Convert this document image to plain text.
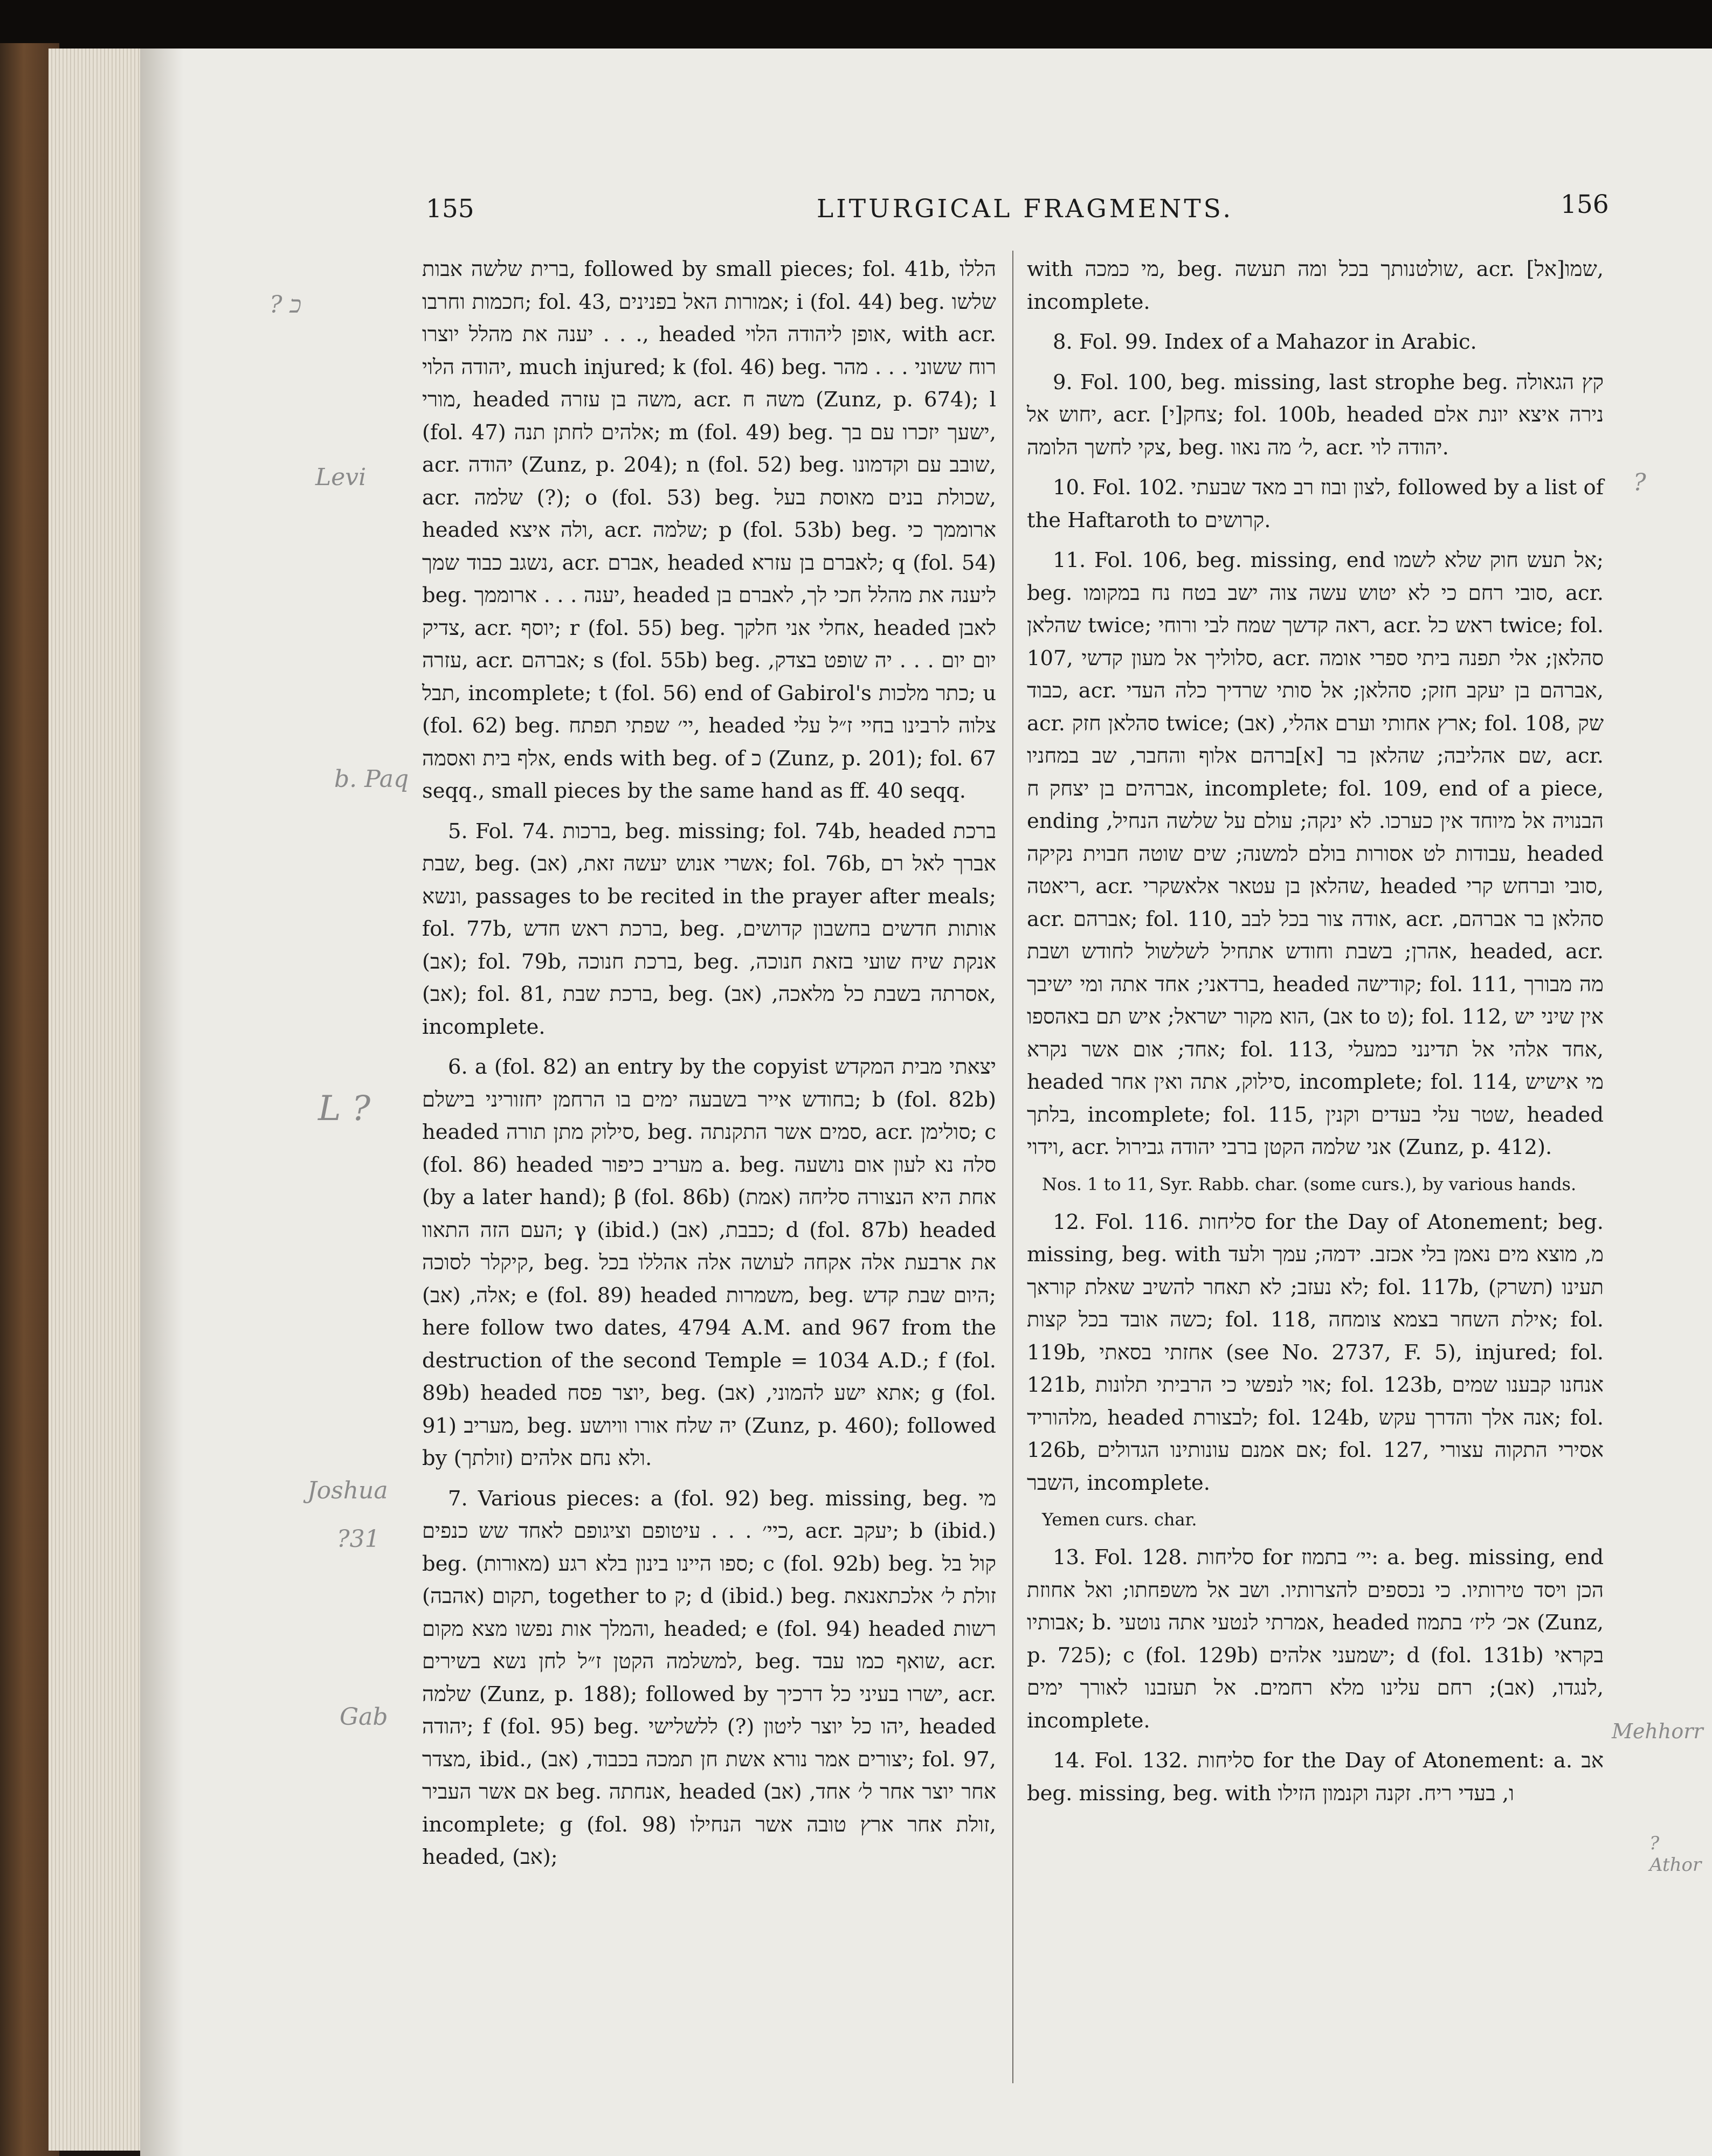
155	LITURGICAL FRAGMENTS.	156

ברית שלשה אבות, followed by small pieces; fol. 41b, הללו חכמות וחרבו; fol. 43, אמורות האל בפנינים; i (fol. 44) beg. שלשו . . . יענה את מהלל יוצרו, headed אופן ליהודה הלוי, with acr. יהודה הלוי, much injured; k (fol. 46) beg. רוח ששוני . . . מהר מורי, headed משה בן עזרה, acr. משה ח (Zunz, p. 674); l (fol. 47) אלהים לחתן תנה; m (fol. 49) beg. ישעך יזכרו עם בך, acr. יהודה (Zunz, p. 204); n (fol. 52) beg. שובב עם וקדמונו, acr. שלמה (?); o (fol. 53) beg. שכולת בנים מאוסת בעל, headed ולה איצא, acr. שלמה; p (fol. 53b) beg. ארוממך כי נשגב כבוד שמך, acr. אברם, headed לאברם בן עזרא; q (fol. 54) beg. יענה . . . ארוממך, headed ליענה את מהלל חכי לך, לאברם בן צדיק, acr. יוסף; r (fol. 55) beg. אחלי אני חלקך, headed לאבן עזרה, acr. אברהם; s (fol. 55b) beg. יום יום . . . יה שופט בצדק, תבל, incomplete; t (fol. 56) end of Gabirol's כתר מלכות; u (fol. 62) beg. יי׳ שפתי תפתח, headed צלוה לרבינו בחיי ז״ל עלי אלף בית ואסמה, ends with beg. of כ (Zunz, p. 201); fol. 67 seqq., small pieces by the same hand as ff. 40 seqq.

5. Fol. 74. ברכות, beg. missing; fol. 74b, headed ברכת שבת, beg. אשרי אנוש יעשה זאת, (אב); fol. 76b, אברך לאל רם ונשא, passages to be recited in the prayer after meals; fol. 77b, ברכת ראש חדש, beg. אותות חדשים בחשבון קדושים, (אב); fol. 79b, ברכת חנוכה, beg. אנקת שיח שועי בזאת חנוכה, (אב); fol. 81, ברכת שבת, beg. אסרתה בשבת כל מלאכה, (אב), incomplete.

6. a (fol. 82) an entry by the copyist יצאתי מבית המקדש בחודש אייר בשבעה ימים בו הרחמן יחזוריני בישלם; b (fol. 82b) headed סילוק מתן תורה, beg. סמים אשר התקנתה, acr. סולימן; c (fol. 86) headed מעריב כיפור a. beg. סלה נא לעון אום נושעה (by a later hand); β (fol. 86b) (אמת) אחת היא הנצורה סליחה העם הזה התאוו; γ (ibid.) כבבת, (אב); d (fol. 87b) headed קיקלר לסוכה, beg. את ארבעת אלה אקחה לעושה אלה אהללו בכל אלה, (אב); e (fol. 89) headed משמרות, beg. היום שבת קדש; here follow two dates, 4794 A.M. and 967 from the destruction of the second Temple = 1034 A.D.; f (fol. 89b) headed יוצר פסח, beg. אתא ישע להמוני, (אב); g (fol. 91) מעריב, beg. יה שלח אורו וויושע (Zunz, p. 460); followed by (זולתך) ולא נחם אלהים.

7. Various pieces: a (fol. 92) beg. missing, beg. מי כיי׳ . . . עיטופם וציגופם לאחד שש כנפים, acr. יעקב; b (ibid.) beg. ספו היינו בינון בלא רגע (מאורות); c (fol. 92b) beg. קול בל תקום (אהבה), together to ק; d (ibid.) beg. זולת ל׳ אלכתאנאת והמלך אות נפשו מצא מקום, headed; e (fol. 94) headed רשות למשלמה הקטן ז״ל לחן נשא בשירים, beg. שואף כמו עבד, acr. שלמה (Zunz, p. 188); followed by ישרו בעיני כל דרכיך, acr. יהודה; f (fol. 95) beg. יהו כל יוצר ליטון (?) ללשלישי, headed מצדר, ibid., יצורים אמר נורא אשת חן תמכה בכבוד, (אב); fol. 97, אם אשר העביר beg. אנחתה, headed אחר יוצר אחר ל׳ אחד, (אב) incomplete; g (fol. 98) זולת אחר ארץ טובה אשר הנחילו, headed, (אב);

with מי כמכה, beg. שולטנותך בכל ומה תעשה, acr. שמו[אל], incomplete.

8. Fol. 99. Index of a Mahazor in Arabic.

9. Fol. 100, beg. missing, last strophe beg. קץ הגאולה יחוש אל, acr. [י]צחק; fol. 100b, headed נירה איצא יונת אלם צקי לחשך הלומה, beg. ל׳ מה נאוו, acr. יהודה לוי.

10. Fol. 102. לצון ובוז רב מאד שבעתי, followed by a list of the Haftaroth to קרושים.

11. Fol. 106, beg. missing, end אל תעש חוק שלא לשמו; beg. סובי רחם כי לא יטוש עשה צוה ישב בטח נח במקומו, acr. שהלאן twice; ראה קדשך שמח לבי ורוחי, acr. ראש כל twice; fol. 107, סלוליך אל מעון קדשי, acr. סהלאן; אלי תפנה ביתי ספרי אומה כבוד, acr. אברהם בן יעקב חזק; סהלאן; אל סותי שרדיך כלה העדי, acr. סהלאן חזק twice; ארץ אחותי וערם אהלי, (אב); fol. 108, שק שם אהליבה; שהלאן בר [א]ברהם אלוף והחבר, שב במחניו, acr. אברהים בן יצחק ח, incomplete; fol. 109, end of a piece, ending הבנויה אל מיוחד אין כערכו. לא ינקה; עולם על שלשה הנחיל, עבודות לט אסורות בולם למשנה; שים שוטה חבוית נקיקה, headed ריאטה, acr. שהלאן בן עטאר אלאשקרי, headed סובי וברחש קרי, acr. אברהם; fol. 110, אודה צור בכל לבב, acr. סהלאן בר אברהם, אהרן; בשבת וחודש אתחיל לשלשול לחודש ושבת, headed, acr. ברדאני; אחד אתה ומי ישיבך, headed קודישה; fol. 111, מה מבורך הוא מקור ישראל; איש תם באהספו, (אב to ט); fol. 112, אין שיני יש אחד; אום אשר נקרא; fol. 113, אחד אלהי אל תדינני כמעלי, headed סילוק, אתה ואין אחר, incomplete; fol. 114, מי אישיש בלתך, incomplete; fol. 115, שטר עלי בעדים וקנין, headed וידוי, acr. אני שלמה הקטן ברבי יהודה גבירול (Zunz, p. 412).

Nos. 1 to 11, Syr. Rabb. char. (some curs.), by various hands.

12. Fol. 116. סליחות for the Day of Atonement; beg. missing, beg. with מ, מוצא מים נאמן בלי אכזב. ידמה; עמך ולעד לא נעזב; לא תאחר להשיב שאלת קוראך; fol. 117b, (תשרק) תעינו כשה אובד בכל קצות; fol. 118, אילת השחר בצמא צומחה; fol. 119b, אחזתי בסאתי (see No. 2737, F. 5), injured; fol. 121b, אוי לנפשי כי הרביתי תלונות; fol. 123b, אנחנו קבענו שמים מלהוריד, headed לבצורת; fol. 124b, אנה אלך והדרך עקש; fol. 126b, אם אמנם עונותינו הגדולים; fol. 127, אסירי התקוה עצורי השבר, incomplete.

Yemen curs. char.

13. Fol. 128. סליחות for יי׳ בתמוז: a. beg. missing, end הכן ויסד טירותיו. כי נכספים להצרותיו. ושב אל משפחתו; ואל אחוזת אבותיו; b. אמרתי לנטעי אתה נוטעי, headed אכ׳ ליז׳ בתמוז (Zunz, p. 725); c (fol. 129b) ישמעני אלהים; d (fol. 131b) בקראי לנגדו, (אב); רחם עלינו מלא רחמים. אל תעזבנו לאורך ימים, incomplete.

14. Fol. 132. סליחות for the Day of Atonement: a. אב beg. missing, beg. with ו, בעדי ריח. זקנה וקנמון הזילו

? כ
Levi
b. Paq
L ?
Joshua
?31
Gab
?
Mehhorr
? Athor
